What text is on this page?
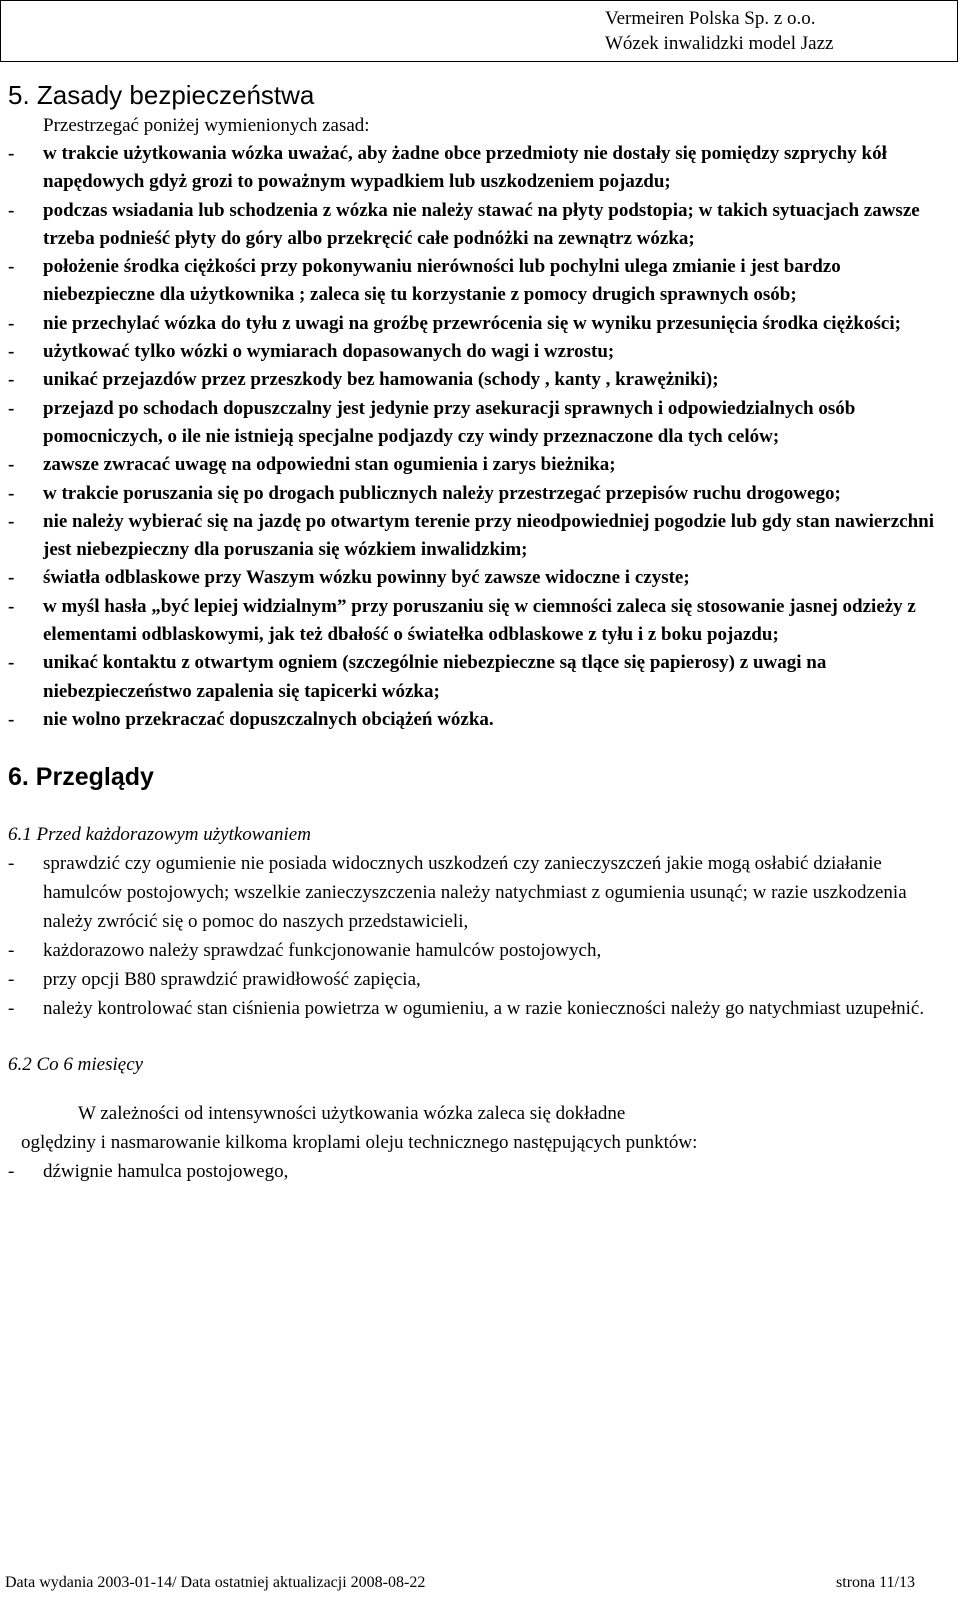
Vermeiren Polska Sp. z o.o.
Wózek inwalidzki model Jazz
5. Zasady bezpieczeństwa
Przestrzegać poniżej wymienionych zasad:
- w trakcie użytkowania wózka uważać, aby żadne obce przedmioty nie dostały się pomiędzy szprychy kół napędowych gdyż grozi to poważnym wypadkiem lub uszkodzeniem pojazdu;
- podczas wsiadania lub schodzenia z wózka nie należy stawać na płyty podstopia; w takich sytuacjach zawsze trzeba podnieść płyty do góry albo przekręcić całe podnóżki na zewnątrz wózka;
- położenie środka ciężkości przy pokonywaniu nierówności lub pochylni ulega zmianie i jest bardzo niebezpieczne dla użytkownika ; zaleca się tu korzystanie z pomocy drugich sprawnych osób;
- nie przechylać wózka do tyłu z uwagi na groźbę przewrócenia się w wyniku przesunięcia środka ciężkości;
- użytkować tylko wózki o wymiarach dopasowanych do wagi i wzrostu;
- unikać przejazdów przez przeszkody bez hamowania (schody , kanty , krawężniki);
- przejazd po schodach dopuszczalny jest jedynie przy asekuracji sprawnych i odpowiedzialnych osób pomocniczych, o ile nie istnieją specjalne podjazdy czy windy przeznaczone dla tych celów;
- zawsze zwracać uwagę na odpowiedni stan ogumienia i zarys bieżnika;
- w trakcie poruszania się po drogach publicznych należy przestrzegać przepisów ruchu drogowego;
- nie należy wybierać się na jazdę po otwartym terenie przy nieodpowiedniej pogodzie lub gdy stan nawierzchni jest niebezpieczny dla poruszania się wózkiem inwalidzkim;
- światła odblaskowe przy Waszym wózku powinny być zawsze widoczne i czyste;
- w myśl hasła „być lepiej widzialnym” przy poruszaniu się w ciemności zaleca się stosowanie jasnej odzieży z elementami odblaskowymi, jak też dbałość o światełka odblaskowe z tyłu i z boku pojazdu;
- unikać kontaktu z otwartym ogniem (szczególnie niebezpieczne są tlące się papierosy) z uwagi na niebezpieczeństwo zapalenia się tapicerki wózka;
- nie wolno przekraczać dopuszczalnych obciążeń wózka.
6. Przeglądy
6.1 Przed każdorazowym użytkowaniem
- sprawdzić czy ogumienie nie posiada widocznych uszkodzeń czy zanieczyszczeń jakie mogą osłabić działanie hamulców postojowych; wszelkie zanieczyszczenia należy natychmiast z ogumienia usunąć; w razie uszkodzenia należy zwrócić się o pomoc do naszych przedstawicieli,
- każdorazowo należy sprawdzać funkcjonowanie hamulców postojowych,
- przy opcji B80 sprawdzić prawidłowość zapięcia,
- należy kontrolować stan ciśnienia powietrza w ogumieniu, a w razie konieczności należy go natychmiast uzupełnić.
6.2 Co 6 miesięcy
W zależności od intensywności użytkowania wózka zaleca się dokładne
oględziny i nasmarowanie kilkoma kroplami oleju technicznego następujących punktów:
- dźwignie hamulca postojowego,
Data wydania 2003-01-14/ Data ostatniej aktualizacji 2008-08-22	strona 11/13
